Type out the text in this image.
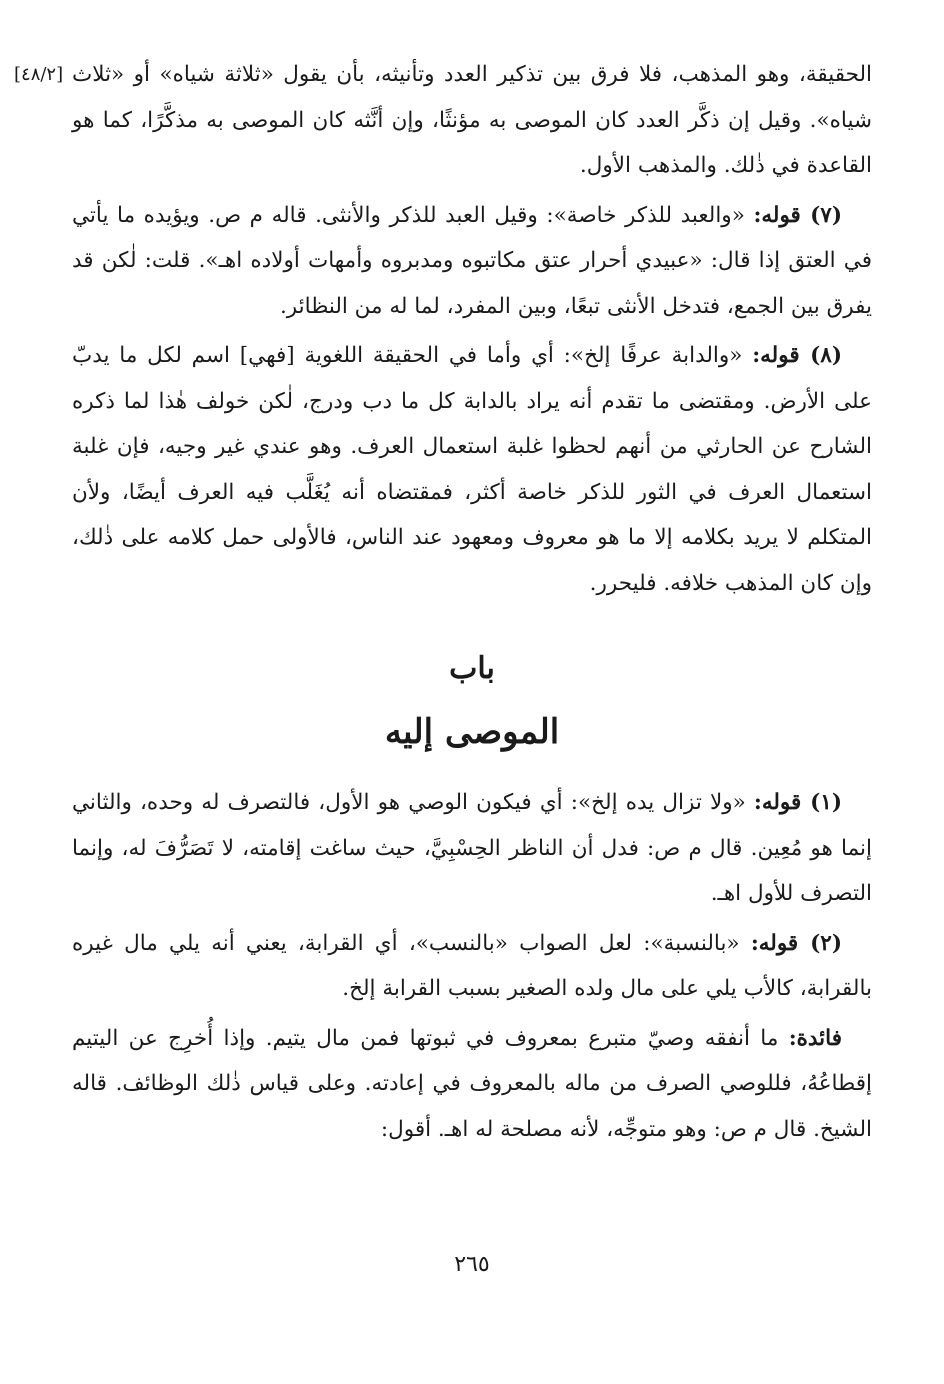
[٤٨/٢] الحقيقة، وهو المذهب، فلا فرق بين تذكير العدد وتأنيثه، بأن يقول «ثلاثة شياه» أو «ثلاث شياه». وقيل إن ذكَّر العدد كان الموصى به مؤنثًا، وإن أنَّثه كان الموصى به مذكَّرًا، كما هو القاعدة في ذٰلك. والمذهب الأول.

(٧) قوله: «والعبد للذكر خاصة»: وقيل العبد للذكر والأنثى. قاله م ص. ويؤيده ما يأتي في العتق إذا قال: «عبيدي أحرار عتق مكاتبوه ومدبروه وأمهات أولاده اهـ». قلت: لٰكن قد يفرق بين الجمع، فتدخل الأنثى تبعًا، وبين المفرد، لما له من النظائر.

(٨) قوله: «والدابة عرفًا إلخ»: أي وأما في الحقيقة اللغوية [فهي] اسم لكل ما يدبّ على الأرض. ومقتضى ما تقدم أنه يراد بالدابة كل ما دب ودرج، لٰكن خولف هٰذا لما ذكره الشارح عن الحارثي من أنهم لحظوا غلبة استعمال العرف. وهو عندي غير وجيه، فإن غلبة استعمال العرف في الثور للذكر خاصة أكثر، فمقتضاه أنه يُغَلَّب فيه العرف أيضًا، ولأن المتكلم لا يريد بكلامه إلا ما هو معروف ومعهود عند الناس، فالأولى حمل كلامه على ذٰلك، وإن كان المذهب خلافه. فليحرر.

باب
الموصى إليه

(١) قوله: «ولا تزال يده إلخ»: أي فيكون الوصي هو الأول، فالتصرف له وحده، والثاني إنما هو مُعِين. قال م ص: فدل أن الناظر الحِسْبِيَّ، حيث ساغت إقامته، لا تَصَرُّفَ له، وإنما التصرف للأول اهـ.

(٢) قوله: «بالنسبة»: لعل الصواب «بالنسب»، أي القرابة، يعني أنه يلي مال غيره بالقرابة، كالأب يلي على مال ولده الصغير بسبب القرابة إلخ.

فائدة: ما أنفقه وصيّ متبرع بمعروف في ثبوتها فمن مال يتيم. وإذا أُخرِج عن اليتيم إقطاعُهُ، فللوصي الصرف من ماله بالمعروف في إعادته. وعلى قياس ذٰلك الوظائف. قاله الشيخ. قال م ص: وهو متوجِّه، لأنه مصلحة له اهـ. أقول:

٢٦٥
